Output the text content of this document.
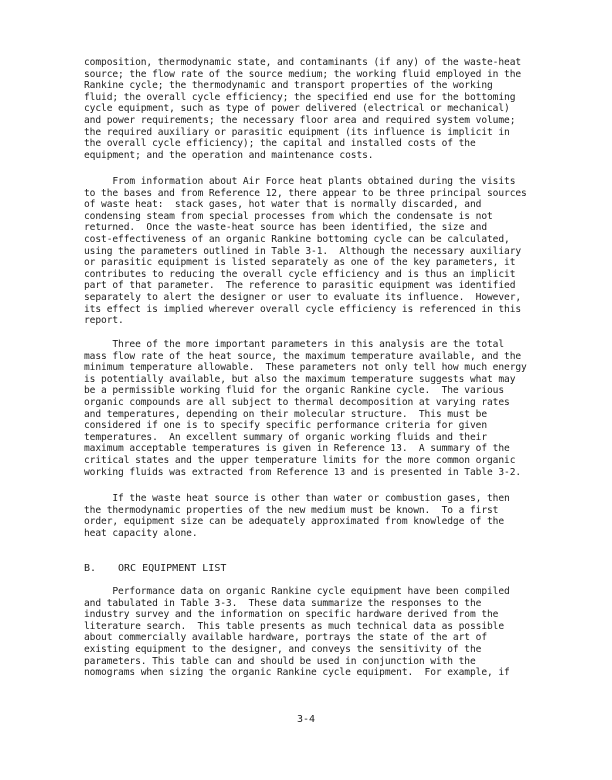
composition, thermodynamic state, and contaminants (if any) of the waste-heat
source; the flow rate of the source medium; the working fluid employed in the
Rankine cycle; the thermodynamic and transport properties of the working
fluid; the overall cycle efficiency; the specified end use for the bottoming
cycle equipment, such as type of power delivered (electrical or mechanical)
and power requirements; the necessary floor area and required system volume;
the required auxiliary or parasitic equipment (its influence is implicit in
the overall cycle efficiency); the capital and installed costs of the
equipment; and the operation and maintenance costs.
From information about Air Force heat plants obtained during the visits
to the bases and from Reference 12, there appear to be three principal sources
of waste heat:  stack gases, hot water that is normally discarded, and
condensing steam from special processes from which the condensate is not
returned.  Once the waste-heat source has been identified, the size and
cost-effectiveness of an organic Rankine bottoming cycle can be calculated,
using the parameters outlined in Table 3-1.  Although the necessary auxiliary
or parasitic equipment is listed separately as one of the key parameters, it
contributes to reducing the overall cycle efficiency and is thus an implicit
part of that parameter.  The reference to parasitic equipment was identified
separately to alert the designer or user to evaluate its influence.  However,
its effect is implied wherever overall cycle efficiency is referenced in this
report.
Three of the more important parameters in this analysis are the total
mass flow rate of the heat source, the maximum temperature available, and the
minimum temperature allowable.  These parameters not only tell how much energy
is potentially available, but also the maximum temperature suggests what may
be a permissible working fluid for the organic Rankine cycle.  The various
organic compounds are all subject to thermal decomposition at varying rates
and temperatures, depending on their molecular structure.  This must be
considered if one is to specify specific performance criteria for given
temperatures.  An excellent summary of organic working fluids and their
maximum acceptable temperatures is given in Reference 13.  A summary of the
critical states and the upper temperature limits for the more common organic
working fluids was extracted from Reference 13 and is presented in Table 3-2.
If the waste heat source is other than water or combustion gases, then
the thermodynamic properties of the new medium must be known.  To a first
order, equipment size can be adequately approximated from knowledge of the
heat capacity alone.
B. ORC EQUIPMENT LIST
Performance data on organic Rankine cycle equipment have been compiled
and tabulated in Table 3-3.  These data summarize the responses to the
industry survey and the information on specific hardware derived from the
literature search.  This table presents as much technical data as possible
about commercially available hardware, portrays the state of the art of
existing equipment to the designer, and conveys the sensitivity of the
parameters. This table can and should be used in conjunction with the
nomograms when sizing the organic Rankine cycle equipment.  For example, if

3-4
